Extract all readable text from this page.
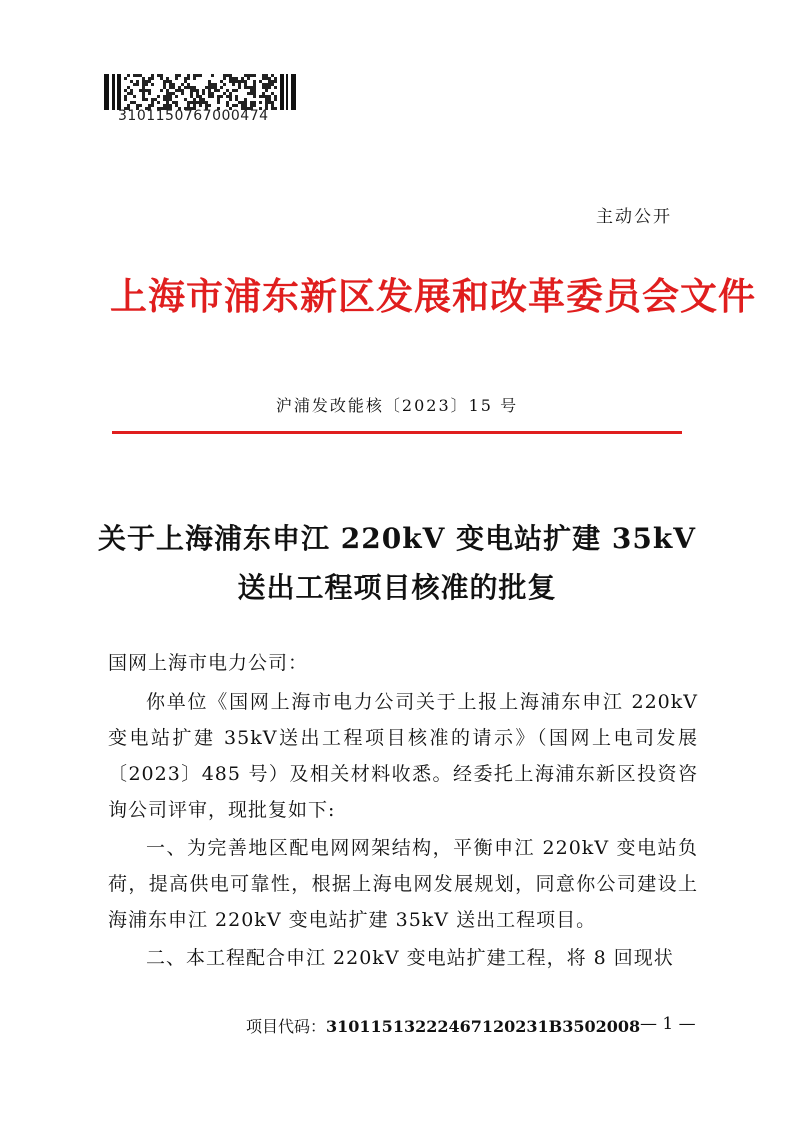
3101150767000474
主动公开
上海市浦东新区发展和改革委员会文件
沪浦发改能核〔2023〕15 号
关于上海浦东申江 220kV 变电站扩建 35kV
送出工程项目核准的批复
国网上海市电力公司：
你单位《国网上海市电力公司关于上报上海浦东申江 220kV 变电站扩建 35kV送出工程项目核准的请示》（国网上电司发展〔2023〕485 号）及相关材料收悉。经委托上海浦东新区投资咨询公司评审，现批复如下:
一、为完善地区配电网网架结构，平衡申江 220kV 变电站负荷，提高供电可靠性，根据上海电网发展规划，同意你公司建设上海浦东申江 220kV 变电站扩建 35kV 送出工程项目。
二、本工程配合申江 220kV 变电站扩建工程，将 8 回现状
项目代码：31011513222467120231B3502008 — 1 —
